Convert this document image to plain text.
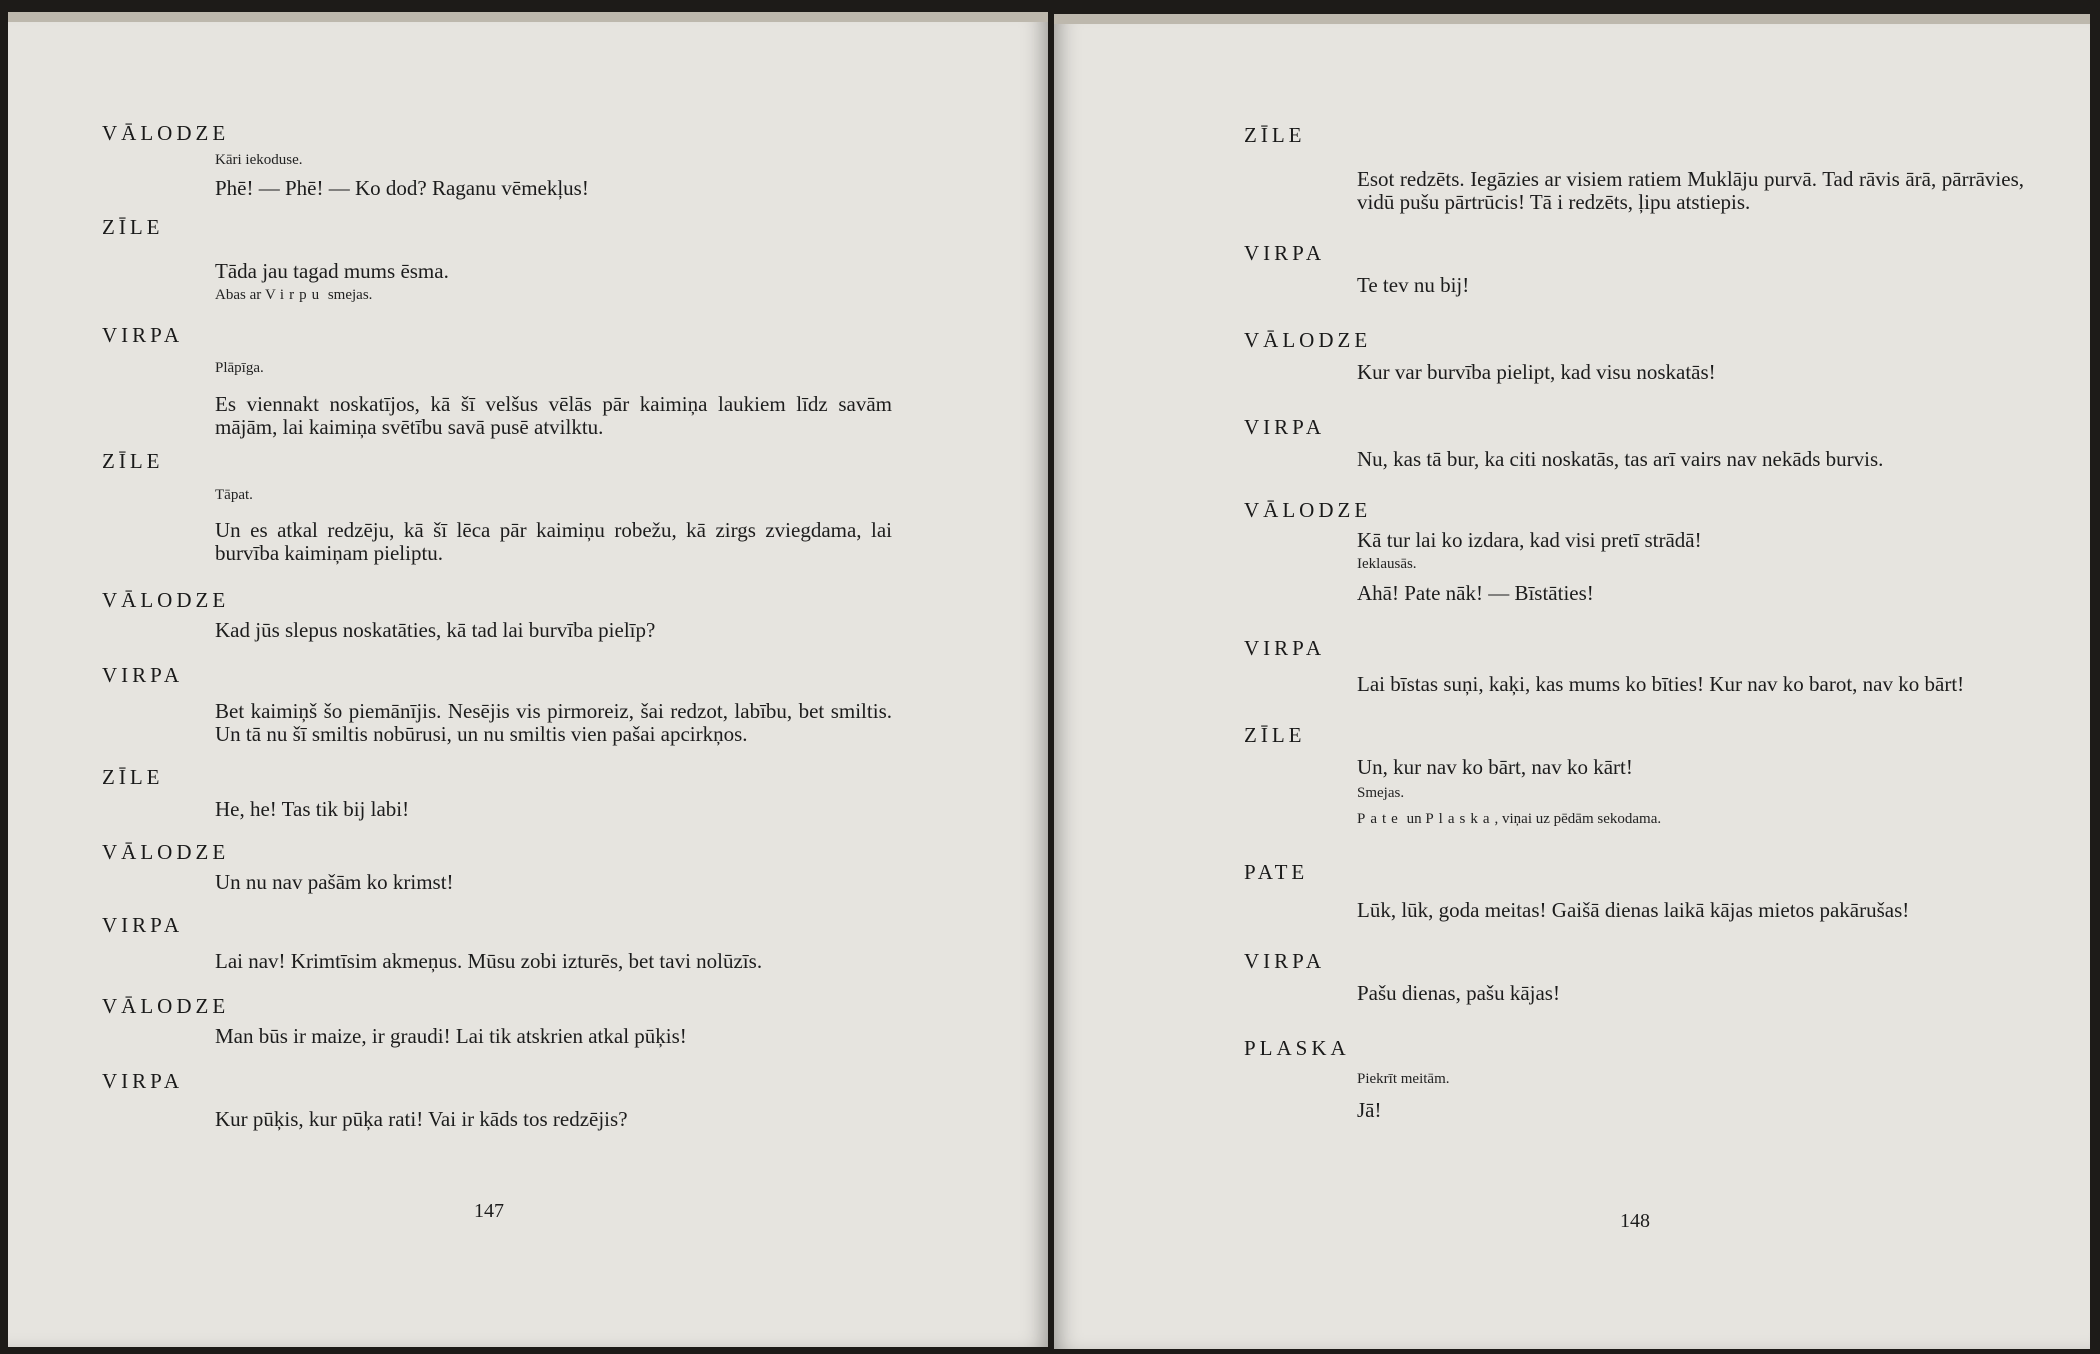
VĀLODZE

Kāri iekoduse.

Phē! — Phē! — Ko dod? Raganu vēmekļus!

ZĪLE

Tāda jau tagad mums ēsma.

Abas ar Virpu smejas.

VIRPA

Plāpīga.

Es viennakt noskatījos, kā šī velšus vēlās pār kaimiņa laukiem līdz savām mājām, lai kaimiņa svētību savā pusē atvilktu.

ZĪLE

Tāpat.

Un es atkal redzēju, kā šī lēca pār kaimiņu robežu, kā zirgs zviegdama, lai burvība kaimiņam pieliptu.

VĀLODZE

Kad jūs slepus noskatāties, kā tad lai burvība pielīp?

VIRPA

Bet kaimiņš šo piemānījis. Nesējis vis pirmoreiz, šai redzot, labību, bet smiltis. Un tā nu šī smiltis nobūrusi, un nu smiltis vien pašai apcirkņos.

ZĪLE

He, he! Tas tik bij labi!

VĀLODZE

Un nu nav pašām ko krimst!

VIRPA

Lai nav! Krimtīsim akmeņus. Mūsu zobi izturēs, bet tavi nolūzīs.

VĀLODZE

Man būs ir maize, ir graudi! Lai tik atskrien atkal pūķis!

VIRPA

Kur pūķis, kur pūķa rati! Vai ir kāds tos redzējis?

147

ZĪLE

Esot redzēts. Iegāzies ar visiem ratiem Muklāju purvā. Tad rāvis ārā, pārrāvies, vidū pušu pārtrūcis! Tā i redzēts, ļipu atstiepis.

VIRPA

Te tev nu bij!

VĀLODZE

Kur var burvība pielipt, kad visu noskatās!

VIRPA

Nu, kas tā bur, ka citi noskatās, tas arī vairs nav nekāds burvis.

VĀLODZE

Kā tur lai ko izdara, kad visi pretī strādā!

Ieklausās.

Ahā! Pate nāk! — Bīstāties!

VIRPA

Lai bīstas suņi, kaķi, kas mums ko bīties! Kur nav ko barot, nav ko bārt!

ZĪLE

Un, kur nav ko bārt, nav ko kārt!

Smejas.

Pate un Plaska, viņai uz pēdām sekodama.

PATE

Lūk, lūk, goda meitas! Gaišā dienas laikā kājas mietos pakārušas!

VIRPA

Pašu dienas, pašu kājas!

PLASKA

Piekrīt meitām.

Jā!

148
